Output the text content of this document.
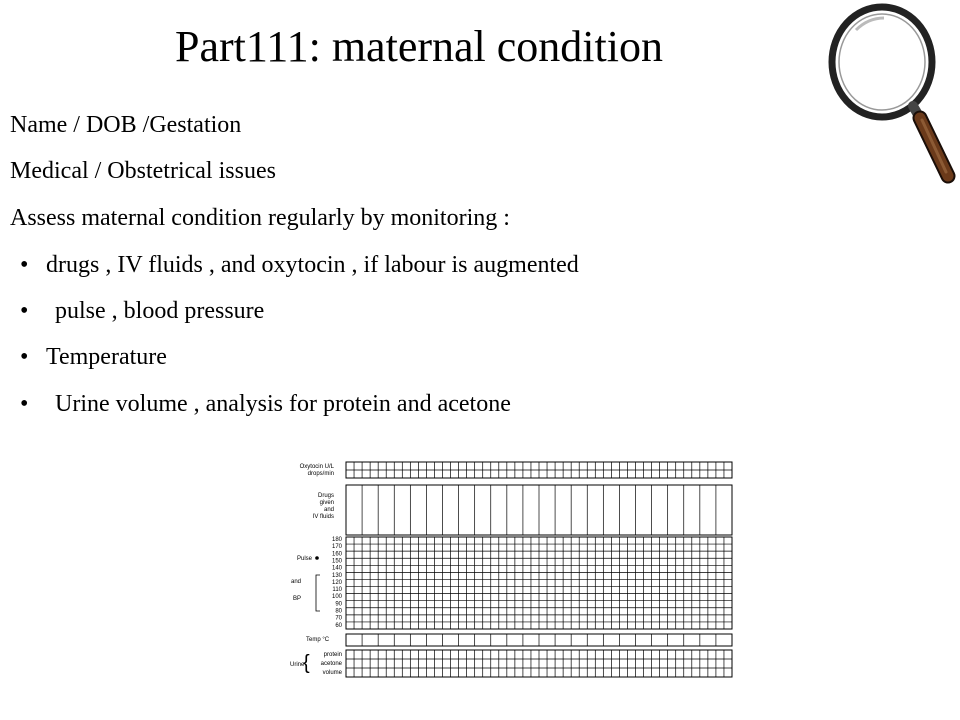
Part111: maternal condition
Name / DOB /Gestation
Medical / Obstetrical issues
Assess maternal condition regularly by monitoring :
• drugs , IV fluids , and oxytocin , if labour is augmented
• pulse , blood pressure
• Temperature
• Urine volume , analysis for protein and acetone
Oxytocin U/L
drops/min
Drugs
given
and
IV fluids
Pulse
and
BP
180
170
160
150
140
130
120
110
100
90
80
70
60
Temp °C
Urine
{ protein
acetone
volume
